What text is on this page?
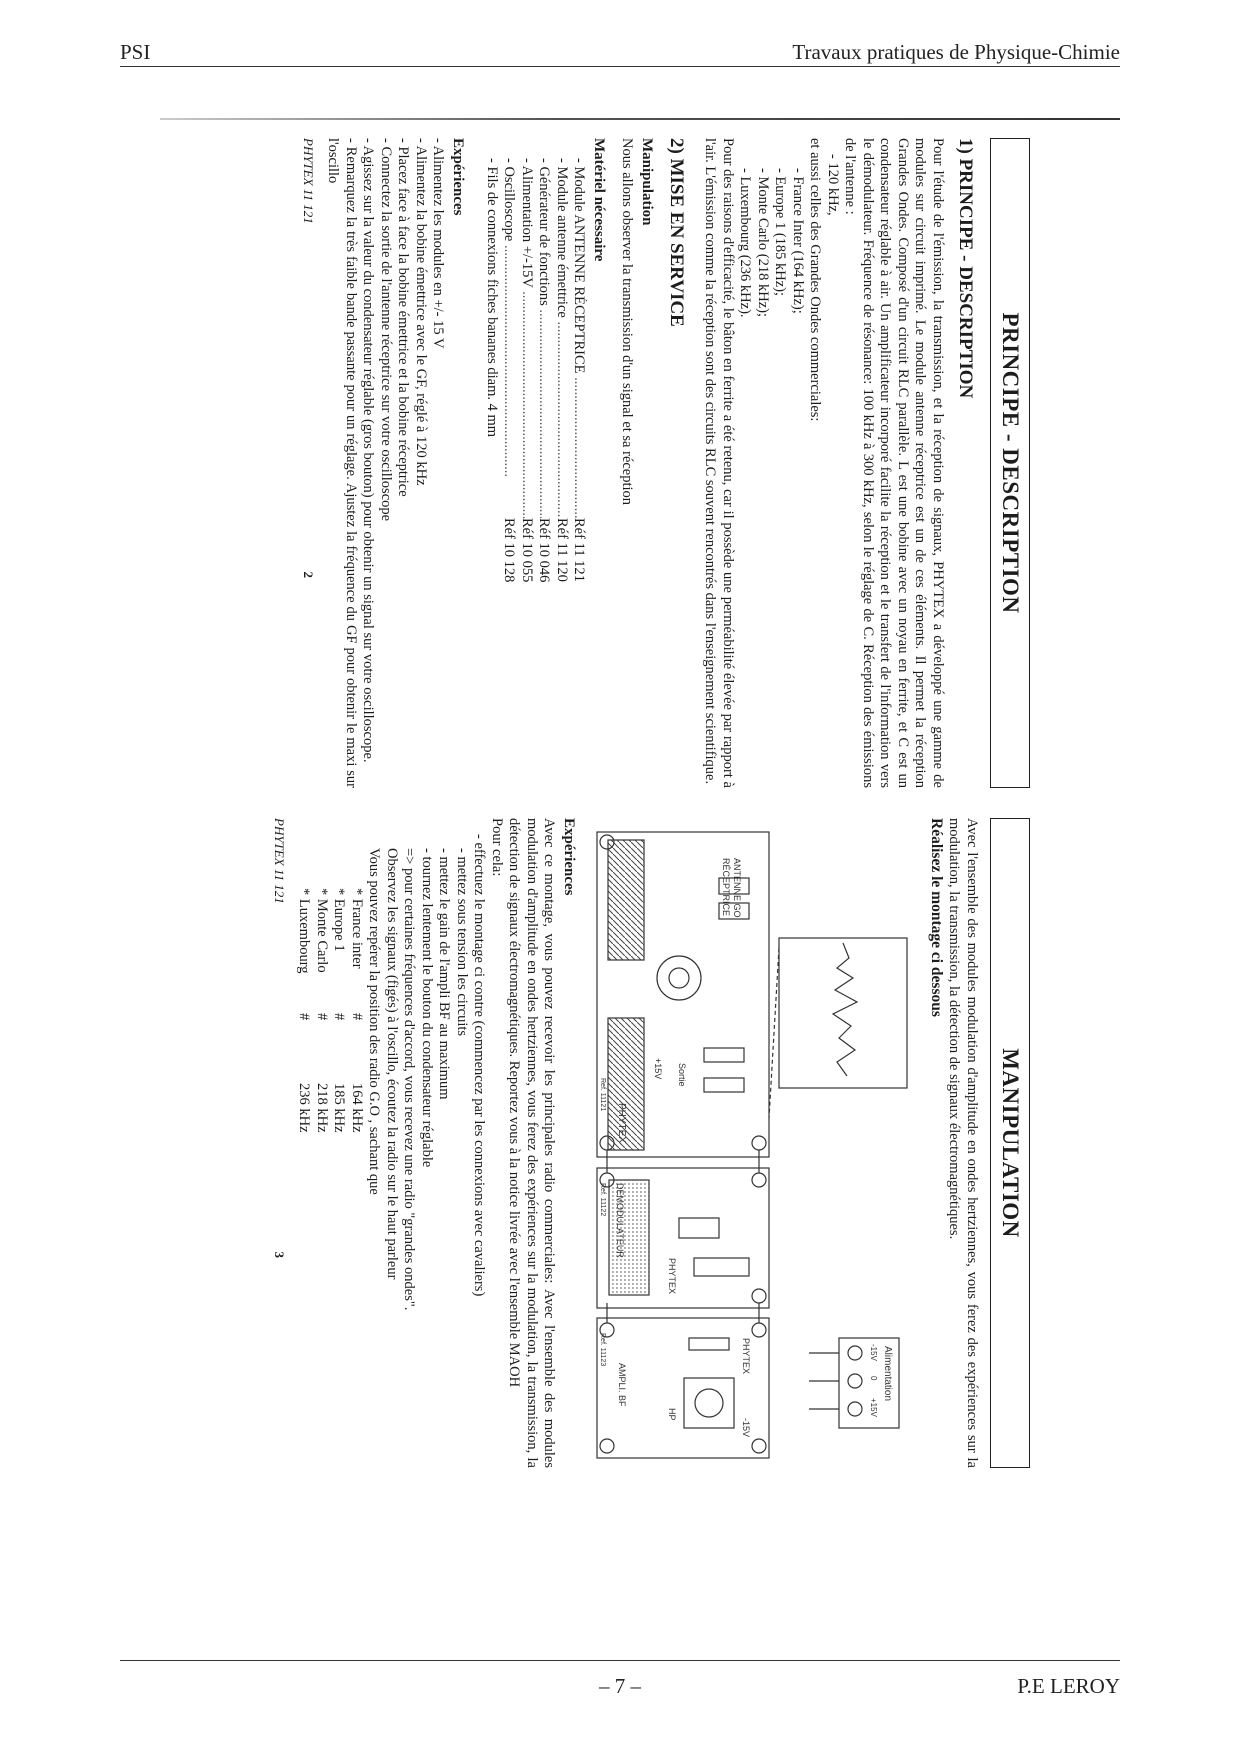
PSI	Travaux pratiques de Physique-Chimie
PRINCIPE - DESCRIPTION
1) PRINCIPE - DESCRIPTION

Pour l'étude de l'émission, la transmission, et la réception de signaux, PHYTEX a développé une gamme de modules sur circuit imprimé. Le module antenne réceptrice est un de ces éléments. Il permet la réception Grandes Ondes. Composé d'un circuit RLC parallèle. L est une bobine avec un noyau en ferrite, et C est un condensateur réglable à air. Un amplificateur incorporé facilite la réception et le transfert de l'information vers le démodulateur. Fréquence de résonance: 100 kHz à 300 kHz, selon le réglage de C. Réception des émissions de l'antenne :

- 120 kHz,
et aussi celles des Grandes Ondes commerciales:
- France Inter (164 kHz);
- Europe 1 (185 kHz);
- Monte Carlo (218 kHz);
- Luxembourg (236 kHz).

Pour des raisons d'efficacité, le bâton en ferrite a été retenu, car il possède une perméabilité élevée par rapport à l'air. L'émission comme la réception sont des circuits RLC souvent rencontrés dans l'enseignement scientifique.

2) MISE EN SERVICE
Manipulation
Nous allons observer la transmission d'un signal et sa réception
Matériel nécessaire
- Module ANTENNE RÉCEPTRICE .....
Réf 11 121
- Module antenne émettrice .....
Réf 11 120
- Générateur de fonctions .....
Réf 10 046
- Alimentation +/-15V .....
Réf 10 055
- Oscilloscope .....
Réf 10 128
- Fils de connexions fiches bananes diam. 4 mm
Expériences
- Alimentez les modules en +/- 15 V
- Alimentez la bobine émettrice avec le GF, réglé à 120 kHz
- Placez face à face la bobine émettrice et la bobine réceptrice
- Connectez la sortie de l'antenne réceptrice sur votre oscilloscope

- Agissez sur la valeur du condensateur réglable (gros bouton) pour obtenir un signal sur votre oscilloscope.

- Remarquez la très faible bande passante pour un réglage. Ajustez la fréquence du GF pour obtenir le maxi sur l'oscillo

PHYTEX 11 121
2
MANIPULATION

Avec l'ensemble des modules modulation d'amplitude en ondes hertziennes, vous ferez des expériences sur la modulation, la transmission, la détection de signaux électromagnétiques.

Réalisez le montage ci dessous
ANTENNE GO
RÉCEPTRICE
PHYTEX
Ref. 11121
+15V Sortie
DEMODULATEUR
PHYTEX
Ref. 11122
AMPLI. BF
HP
PHYTEX
Ref. 11123
-15V
Alimentation
-15V
0
+15V
Expériences

Avec ce montage, vous pouvez recevoir les principales radio commerciales: Avec l'ensemble des modules modulation d'amplitude en ondes hertziennes, vous ferez des expériences sur la modulation, la transmission, la détection de signaux électromagnétiques. Reportez vous à la notice livrée avec l'ensemble MAOH

Pour cela:
- effectuez le montage ci contre (commencez par les connexions avec cavaliers)
- mettez sous tension les circuits
- mettez le gain de l'ampli BF au maximum
- tournez lentement le bouton du condensateur réglable
=> pour certaines fréquences d'accord, vous recevez une radio "grandes ondes".
Observez les signaux (figés) à l'oscillo, écoutez la radio sur le haut parleur
Vous pouvez repérer la position des radio G.O , sachant que
* France inter
#
164 kHz
* Europe 1
#
185 kHz
* Monte Carlo
#
218 kHz
* Luxembourg
#
236 kHz
PHYTEX 11 121
3
– 7 –	P.E LEROY
